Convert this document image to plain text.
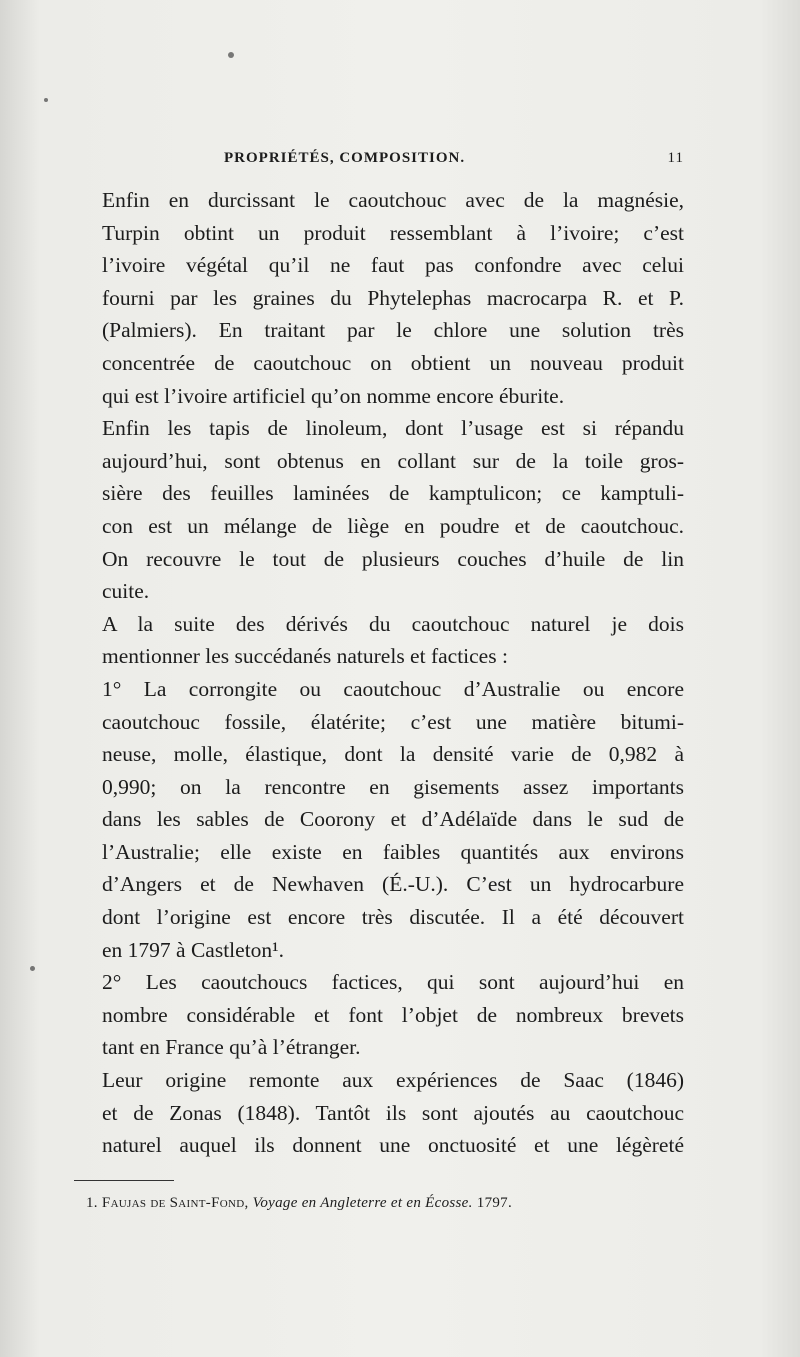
PROPRIÉTÉS, COMPOSITION.	11

Enfin en durcissant le caoutchouc avec de la magnésie,
Turpin obtint un produit ressemblant à l’ivoire; c’est
l’ivoire végétal qu’il ne faut pas confondre avec celui
fourni par les graines du Phytelephas macrocarpa R. et P.
(Palmiers). En traitant par le chlore une solution très
concentrée de caoutchouc on obtient un nouveau produit
qui est l’ivoire artificiel qu’on nomme encore éburite.

Enfin les tapis de linoleum, dont l’usage est si répandu
aujourd’hui, sont obtenus en collant sur de la toile gros-
sière des feuilles laminées de kamptulicon; ce kamptuli-
con est un mélange de liège en poudre et de caoutchouc.
On recouvre le tout de plusieurs couches d’huile de lin
cuite.

A la suite des dérivés du caoutchouc naturel je dois
mentionner les succédanés naturels et factices :

1° La corrongite ou caoutchouc d’Australie ou encore
caoutchouc fossile, élatérite; c’est une matière bitumi-
neuse, molle, élastique, dont la densité varie de 0,982 à
0,990; on la rencontre en gisements assez importants
dans les sables de Coorony et d’Adélaïde dans le sud de
l’Australie; elle existe en faibles quantités aux environs
d’Angers et de Newhaven (É.-U.). C’est un hydrocarbure
dont l’origine est encore très discutée. Il a été découvert
en 1797 à Castleton¹.

2° Les caoutchoucs factices, qui sont aujourd’hui en
nombre considérable et font l’objet de nombreux brevets
tant en France qu’à l’étranger.

Leur origine remonte aux expériences de Saac (1846)
et de Zonas (1848). Tantôt ils sont ajoutés au caoutchouc
naturel auquel ils donnent une onctuosité et une légèreté

1. Faujas de Saint-Fond, Voyage en Angleterre et en Écosse. 1797.
